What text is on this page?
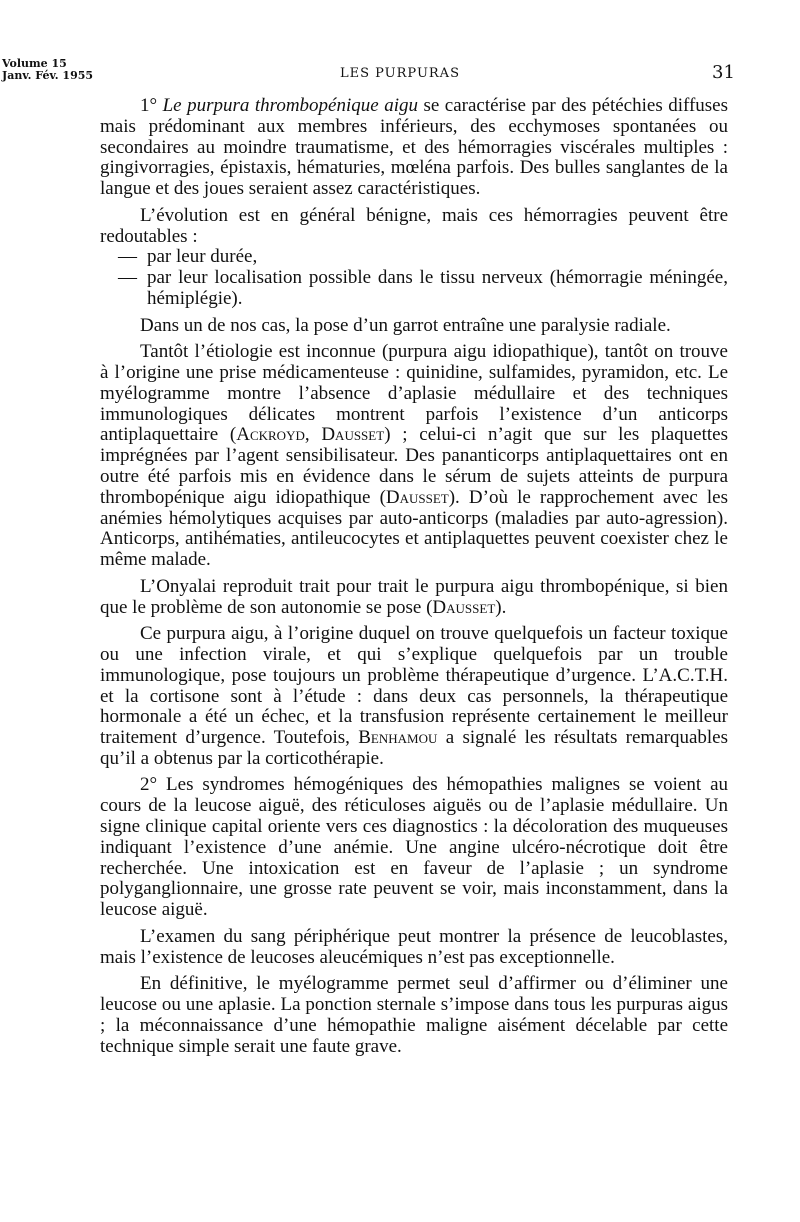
Volume 15
Janv. Fév. 1955	LES PURPURAS	31

1° Le purpura thrombopénique aigu se caractérise par des pétéchies diffuses mais prédominant aux membres inférieurs, des ecchymoses spontanées ou secondaires au moindre traumatisme, et des hémorragies viscérales multiples : gingivorragies, épistaxis, hématuries, mœléna parfois. Des bulles sanglantes de la langue et des joues seraient assez caractéristiques.

L’évolution est en général bénigne, mais ces hémorragies peuvent être redoutables :

— par leur durée,

— par leur localisation possible dans le tissu nerveux (hémorragie méningée, hémiplégie).

Dans un de nos cas, la pose d’un garrot entraîne une paralysie radiale.

Tantôt l’étiologie est inconnue (purpura aigu idiopathique), tantôt on trouve à l’origine une prise médicamenteuse : quinidine, sulfamides, pyramidon, etc. Le myélogramme montre l’absence d’aplasie médullaire et des techniques immunologiques délicates montrent parfois l’existence d’un anticorps antiplaquettaire (Ackroyd, Dausset) ; celui-ci n’agit que sur les plaquettes imprégnées par l’agent sensibilisateur. Des pananticorps antiplaquettaires ont en outre été parfois mis en évidence dans le sérum de sujets atteints de purpura thrombopénique aigu idiopathique (Dausset). D’où le rapprochement avec les anémies hémolytiques acquises par auto-anticorps (maladies par auto-agression). Anticorps, antihématies, antileucocytes et antiplaquettes peuvent coexister chez le même malade.

L’Onyalai reproduit trait pour trait le purpura aigu thrombopénique, si bien que le problème de son autonomie se pose (Dausset).

Ce purpura aigu, à l’origine duquel on trouve quelquefois un facteur toxique ou une infection virale, et qui s’explique quelquefois par un trouble immunologique, pose toujours un problème thérapeutique d’urgence. L’A.C.T.H. et la cortisone sont à l’étude : dans deux cas personnels, la thérapeutique hormonale a été un échec, et la transfusion représente certainement le meilleur traitement d’urgence. Toutefois, Benhamou a signalé les résultats remarquables qu’il a obtenus par la corticothérapie.

2° Les syndromes hémogéniques des hémopathies malignes se voient au cours de la leucose aiguë, des réticuloses aiguës ou de l’aplasie médullaire. Un signe clinique capital oriente vers ces diagnostics : la décoloration des muqueuses indiquant l’existence d’une anémie. Une angine ulcéro-nécrotique doit être recherchée. Une intoxication est en faveur de l’aplasie ; un syndrome polyganglionnaire, une grosse rate peuvent se voir, mais inconstamment, dans la leucose aiguë.

L’examen du sang périphérique peut montrer la présence de leucoblastes, mais l’existence de leucoses aleucémiques n’est pas exceptionnelle.

En définitive, le myélogramme permet seul d’affirmer ou d’éliminer une leucose ou une aplasie. La ponction sternale s’impose dans tous les purpuras aigus ; la méconnaissance d’une hémopathie maligne aisément décelable par cette technique simple serait une faute grave.
